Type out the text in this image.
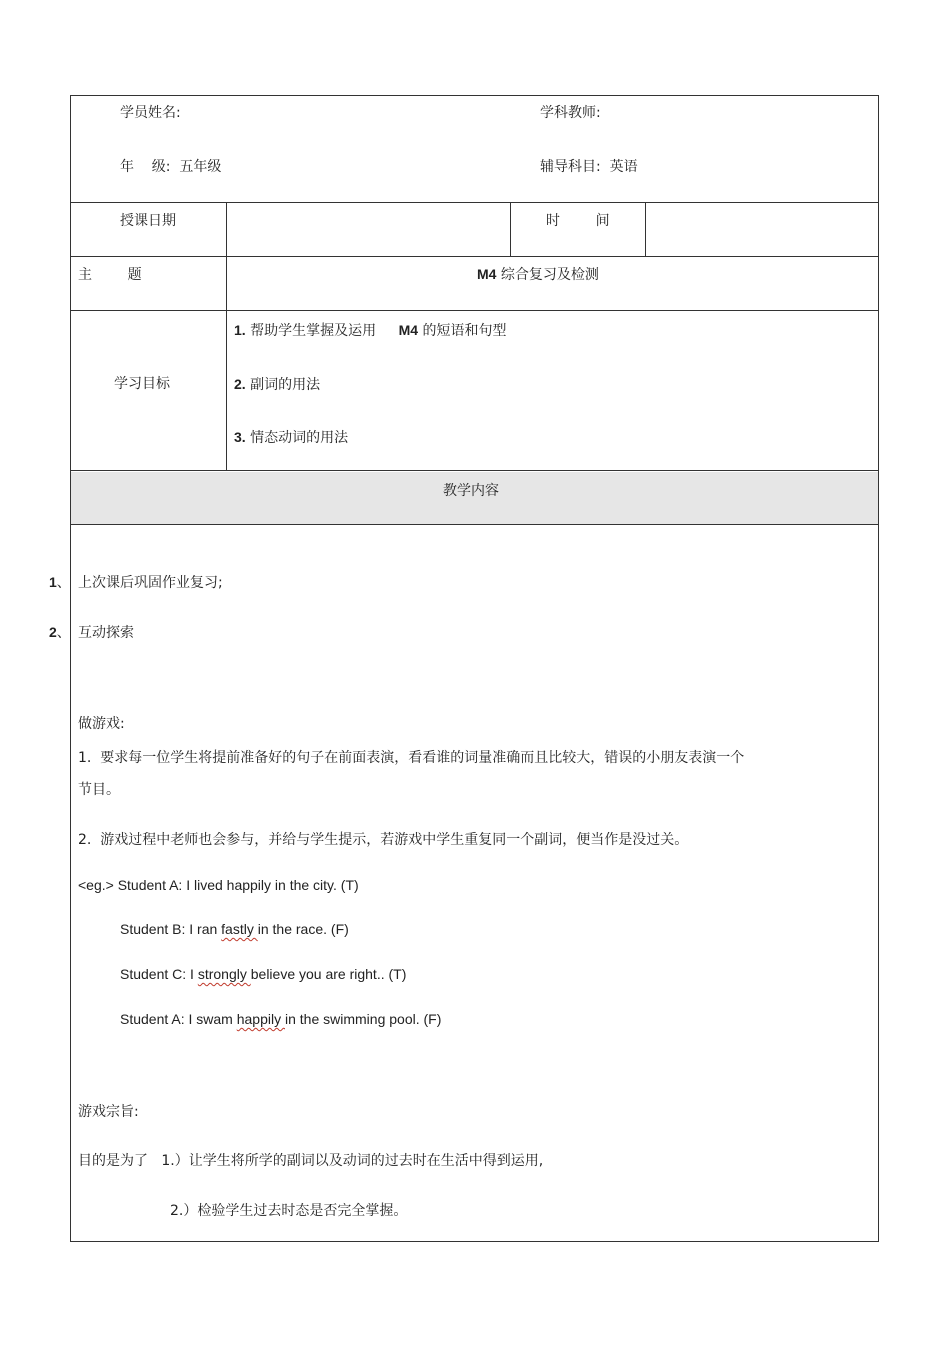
学员姓名:	学科教师:
年    级:  五年级	辅导科目:  英语
授课日期	时        间
主        题	M4 综合复习及检测
学习目标
1. 帮助学生掌握及运用 M4 的短语和句型
2. 副词的用法
3. 情态动词的用法
教学内容
1、 上次课后巩固作业复习;
2、 互动探索
做游戏:
1.  要求每一位学生将提前准备好的句子在前面表演，看看谁的词量准确而且比较大，错误的小朋友表演一个
节目。
2.  游戏过程中老师也会参与，并给与学生提示，若游戏中学生重复同一个副词，便当作是没过关。
<eg.> Student A: I lived happily in the city. (T)
Student B: I ran fastly in the race. (F)
Student C: I strongly believe you are right.. (T)
Student A: I swam happily in the swimming pool. (F)
游戏宗旨:
目的是为了   1.）让学生将所学的副词以及动词的过去时在生活中得到运用,
2.）检验学生过去时态是否完全掌握。
